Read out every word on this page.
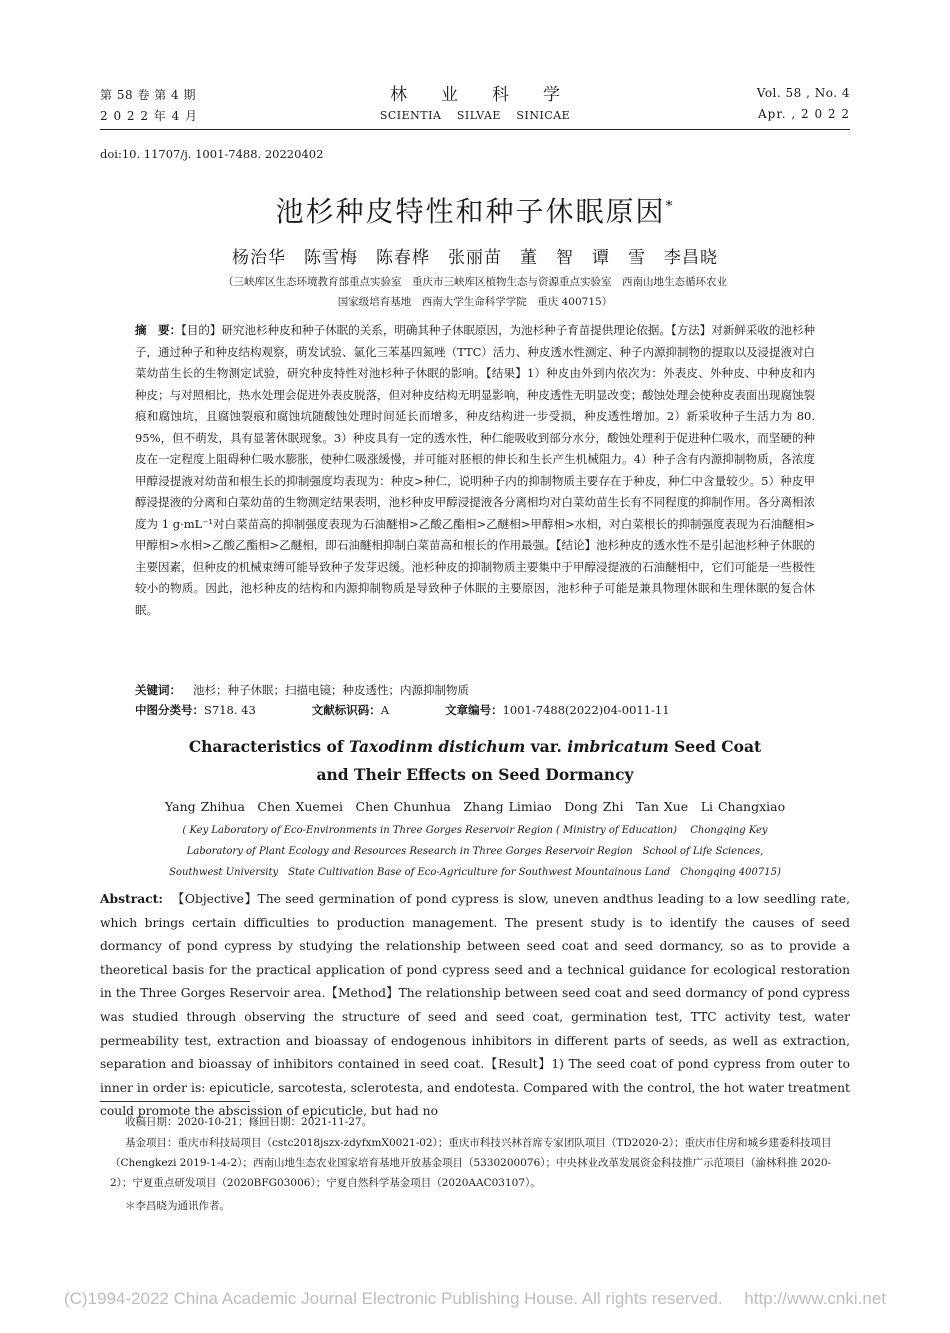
第 58 卷 第 4 期
2 0 2 2 年 4 月
林　　业　　科　　学
SCIENTIA　 SILVAE　 SINICAE
Vol. 58 , No. 4
Apr. , 2 0 2 2
doi:10. 11707/j. 1001-7488. 20220402
池杉种皮特性和种子休眠原因*
杨治华　陈雪梅　陈春桦　张丽苗　董　智　谭　雪　李昌晓
（三峡库区生态环境教育部重点实验室　重庆市三峡库区植物生态与资源重点实验室　西南山地生态循环农业
国家级培育基地　西南大学生命科学学院　重庆 400715）
摘　要：【目的】研究池杉种皮和种子休眠的关系，明确其种子休眠原因，为池杉种子育苗提供理论依据。【方法】对新鲜采收的池杉种子，通过种子和种皮结构观察，萌发试验、氯化三苯基四氮唑（TTC）活力、种皮透水性测定、种子内源抑制物的提取以及浸提液对白菜幼苗生长的生物测定试验，研究种皮特性对池杉种子休眠的影响。【结果】1）种皮由外到内依次为：外表皮、外种皮、中种皮和内种皮；与对照相比，热水处理会促进外表皮脱落，但对种皮结构无明显影响，种皮透性无明显改变；酸蚀处理会使种皮表面出现腐蚀裂痕和腐蚀坑，且腐蚀裂痕和腐蚀坑随酸蚀处理时间延长而增多，种皮结构进一步受损，种皮透性增加。2）新采收种子生活力为 80. 95%，但不萌发，具有显著休眠现象。3）种皮具有一定的透水性，种仁能吸收到部分水分，酸蚀处理利于促进种仁吸水，而坚硬的种皮在一定程度上阻碍种仁吸水膨胀，使种仁吸涨缓慢，并可能对胚根的伸长和生长产生机械阻力。4）种子含有内源抑制物质，各浓度甲醇浸提液对幼苗和根生长的抑制强度均表现为：种皮>种仁，说明种子内的抑制物质主要存在于种皮，种仁中含量较少。5）种皮甲醇浸提液的分离和白菜幼苗的生物测定结果表明，池杉种皮甲醇浸提液各分离相均对白菜幼苗生长有不同程度的抑制作用。各分离相浓度为 1 g·mL⁻¹对白菜苗高的抑制强度表现为石油醚相>乙酸乙酯相>乙醚相>甲醇相>水相，对白菜根长的抑制强度表现为石油醚相>甲醇相>水相>乙酸乙酯相>乙醚相，即石油醚相抑制白菜苗高和根长的作用最强。【结论】池杉种皮的透水性不是引起池杉种子休眠的主要因素，但种皮的机械束缚可能导致种子发芽迟缓。池杉种皮的抑制物质主要集中于甲醇浸提液的石油醚相中，它们可能是一些极性较小的物质。因此，池杉种皮的结构和内源抑制物质是导致种子休眠的主要原因，池杉种子可能是兼具物理休眠和生理休眠的复合休眠。
关键词： 池杉；种子休眠；扫描电镜；种皮透性；内源抑制物质
中图分类号：S718. 43	文献标识码：A	文章编号：1001-7488(2022)04-0011-11
Characteristics of Taxodinm distichum var. imbricatum Seed Coat
and Their Effects on Seed Dormancy
Yang Zhihua　Chen Xuemei　Chen Chunhua　Zhang Limiao　Dong Zhi　Tan Xue　Li Changxiao
( Key Laboratory of Eco-Environments in Three Gorges Reservoir Region ( Ministry of Education)　 Chongqing Key
Laboratory of Plant Ecology and Resources Research in Three Gorges Reservoir Region　School of Life Sciences,
Southwest University　State Cultivation Base of Eco-Agriculture for Southwest Mountainous Land　Chongqing 400715)
Abstract: 【Objective】The seed germination of pond cypress is slow, uneven andthus leading to a low seedling rate, which brings certain difficulties to production management. The present study is to identify the causes of seed dormancy of pond cypress by studying the relationship between seed coat and seed dormancy, so as to provide a theoretical basis for the practical application of pond cypress seed and a technical guidance for ecological restoration in the Three Gorges Reservoir area.【Method】The relationship between seed coat and seed dormancy of pond cypress was studied through observing the structure of seed and seed coat, germination test, TTC activity test, water permeability test, extraction and bioassay of endogenous inhibitors in different parts of seeds, as well as extraction, separation and bioassay of inhibitors contained in seed coat.【Result】1) The seed coat of pond cypress from outer to inner in order is: epicuticle, sarcotesta, sclerotesta, and endotesta. Compared with the control, the hot water treatment could promote the abscission of epicuticle, but had no
收稿日期：2020-10-21；修回日期：2021-11-27。
基金项目：重庆市科技局项目（cstc2018jszx-zdyfxmX0021-02）；重庆市科技兴林首席专家团队项目（TD2020-2）；重庆市住房和城乡建委科技项目（Chengkezi 2019-1-4-2）；西南山地生态农业国家培育基地开放基金项目（5330200076）；中央林业改革发展资金科技推广示范项目（渝林科推 2020-2）；宁夏重点研发项目（2020BFG03006）；宁夏自然科学基金项目（2020AAC03107）。
＊李昌晓为通讯作者。
(C)1994-2022 China Academic Journal Electronic Publishing House. All rights reserved.　 http://www.cnki.net
